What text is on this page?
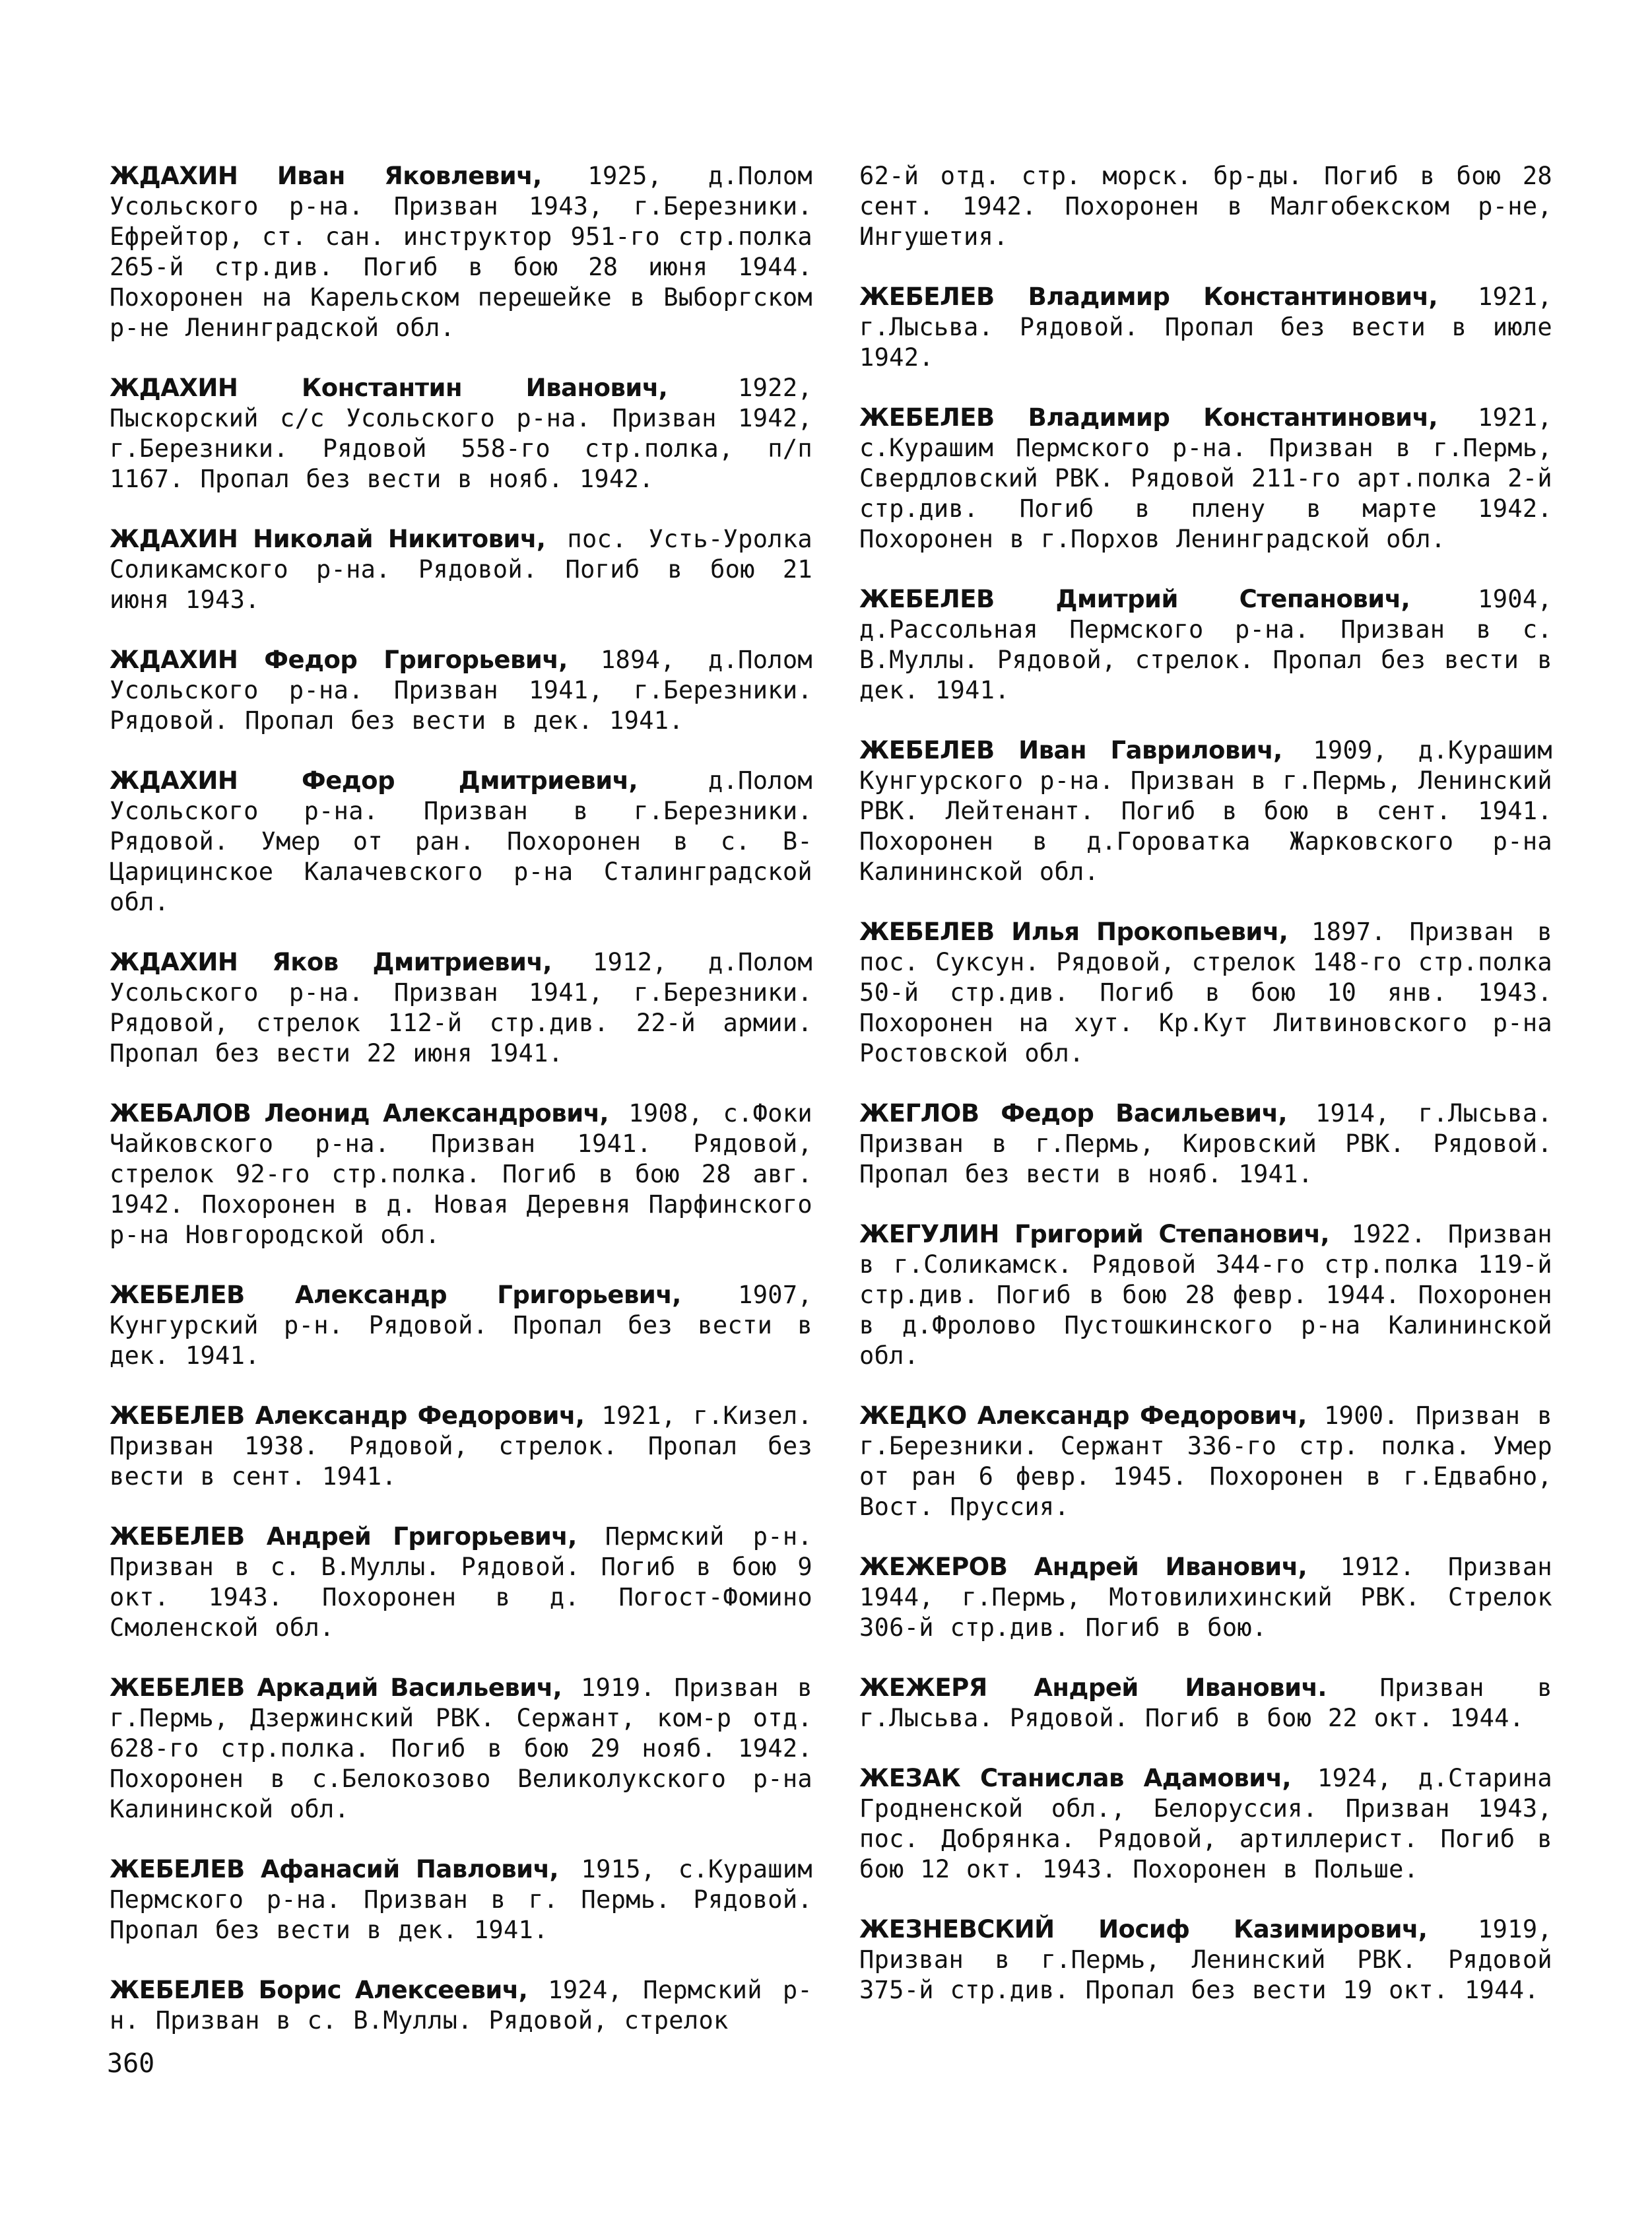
ЖДАХИН Иван Яковлевич, 1925, д.Полом Усольского р-на. Призван 1943, г.Березники. Ефрейтор, ст. сан. инструктор 951-го стр.полка 265-й стр.див. Погиб в бою 28 июня 1944. Похоронен на Карельском перешейке в Выборгском р-не Ленинградской обл.

ЖДАХИН Константин Иванович, 1922, Пыскорский с/с Усольского р-на. Призван 1942, г.Березники. Рядовой 558-го стр.полка, п/п 1167. Пропал без вести в нояб. 1942.

ЖДАХИН Николай Никитович, пос. Усть-Уролка Соликамского р-на. Рядовой. Погиб в бою 21 июня 1943.

ЖДАХИН Федор Григорьевич, 1894, д.Полом Усольского р-на. Призван 1941, г.Березники. Рядовой. Пропал без вести в дек. 1941.

ЖДАХИН Федор Дмитриевич, д.Полом Усольского р-на. Призван в г.Березники. Рядовой. Умер от ран. Похоронен в с. В-Царицинское Калачевского р-на Сталинградской обл.

ЖДАХИН Яков Дмитриевич, 1912, д.Полом Усольского р-на. Призван 1941, г.Березники. Рядовой, стрелок 112-й стр.див. 22-й армии. Пропал без вести 22 июня 1941.

ЖЕБАЛОВ Леонид Александрович, 1908, с.Фоки Чайковского р-на. Призван 1941. Рядовой, стрелок 92-го стр.полка. Погиб в бою 28 авг. 1942. Похоронен в д. Новая Деревня Парфинского р-на Новгородской обл.

ЖЕБЕЛЕВ Александр Григорьевич, 1907, Кунгурский р-н. Рядовой. Пропал без вести в дек. 1941.

ЖЕБЕЛЕВ Александр Федорович, 1921, г.Кизел. Призван 1938. Рядовой, стрелок. Пропал без вести в сент. 1941.

ЖЕБЕЛЕВ Андрей Григорьевич, Пермский р-н. Призван в с. В.Муллы. Рядовой. Погиб в бою 9 окт. 1943. Похоронен в д. Погост-Фомино Смоленской обл.

ЖЕБЕЛЕВ Аркадий Васильевич, 1919. Призван в г.Пермь, Дзержинский РВК. Сержант, ком-р отд. 628-го стр.полка. Погиб в бою 29 нояб. 1942. Похоронен в с.Белокозово Великолукского р-на Калининской обл.

ЖЕБЕЛЕВ Афанасий Павлович, 1915, с.Курашим Пермского р-на. Призван в г. Пермь. Рядовой. Пропал без вести в дек. 1941.

ЖЕБЕЛЕВ Борис Алексеевич, 1924, Пермский р-н. Призван в с. В.Муллы. Рядовой, стрелок

62-й отд. стр. морск. бр-ды. Погиб в бою 28 сент. 1942. Похоронен в Малгобекском р-не, Ингушетия.

ЖЕБЕЛЕВ Владимир Константинович, 1921, г.Лысьва. Рядовой. Пропал без вести в июле 1942.

ЖЕБЕЛЕВ Владимир Константинович, 1921, с.Курашим Пермского р-на. Призван в г.Пермь, Свердловский РВК. Рядовой 211-го арт.полка 2-й стр.див. Погиб в плену в марте 1942. Похоронен в г.Порхов Ленинградской обл.

ЖЕБЕЛЕВ Дмитрий Степанович, 1904, д.Рассольная Пермского р-на. Призван в с. В.Муллы. Рядовой, стрелок. Пропал без вести в дек. 1941.

ЖЕБЕЛЕВ Иван Гаврилович, 1909, д.Курашим Кунгурского р-на. Призван в г.Пермь, Ленинский РВК. Лейтенант. Погиб в бою в сент. 1941. Похоронен в д.Гороватка Жарковского р-на Калининской обл.

ЖЕБЕЛЕВ Илья Прокопьевич, 1897. Призван в пос. Суксун. Рядовой, стрелок 148-го стр.полка 50-й стр.див. Погиб в бою 10 янв. 1943. Похоронен на хут. Кр.Кут Литвиновского р-на Ростовской обл.

ЖЕГЛОВ Федор Васильевич, 1914, г.Лысьва. Призван в г.Пермь, Кировский РВК. Рядовой. Пропал без вести в нояб. 1941.

ЖЕГУЛИН Григорий Степанович, 1922. Призван в г.Соликамск. Рядовой 344-го стр.полка 119-й стр.див. Погиб в бою 28 февр. 1944. Похоронен в д.Фролово Пустошкинского р-на Калининской обл.

ЖЕДКО Александр Федорович, 1900. Призван в г.Березники. Сержант 336-го стр. полка. Умер от ран 6 февр. 1945. Похоронен в г.Едвабно, Вост. Пруссия.

ЖЕЖЕРОВ Андрей Иванович, 1912. Призван 1944, г.Пермь, Мотовилихинский РВК. Стрелок 306-й стр.див. Погиб в бою.

ЖЕЖЕРЯ Андрей Иванович. Призван в г.Лысьва. Рядовой. Погиб в бою 22 окт. 1944.

ЖЕЗАК Станислав Адамович, 1924, д.Старина Гродненской обл., Белоруссия. Призван 1943, пос. Добрянка. Рядовой, артиллерист. Погиб в бою 12 окт. 1943. Похоронен в Польше.

ЖЕЗНЕВСКИЙ Иосиф Казимирович, 1919, Призван в г.Пермь, Ленинский РВК. Рядовой 375-й стр.див. Пропал без вести 19 окт. 1944.

360
